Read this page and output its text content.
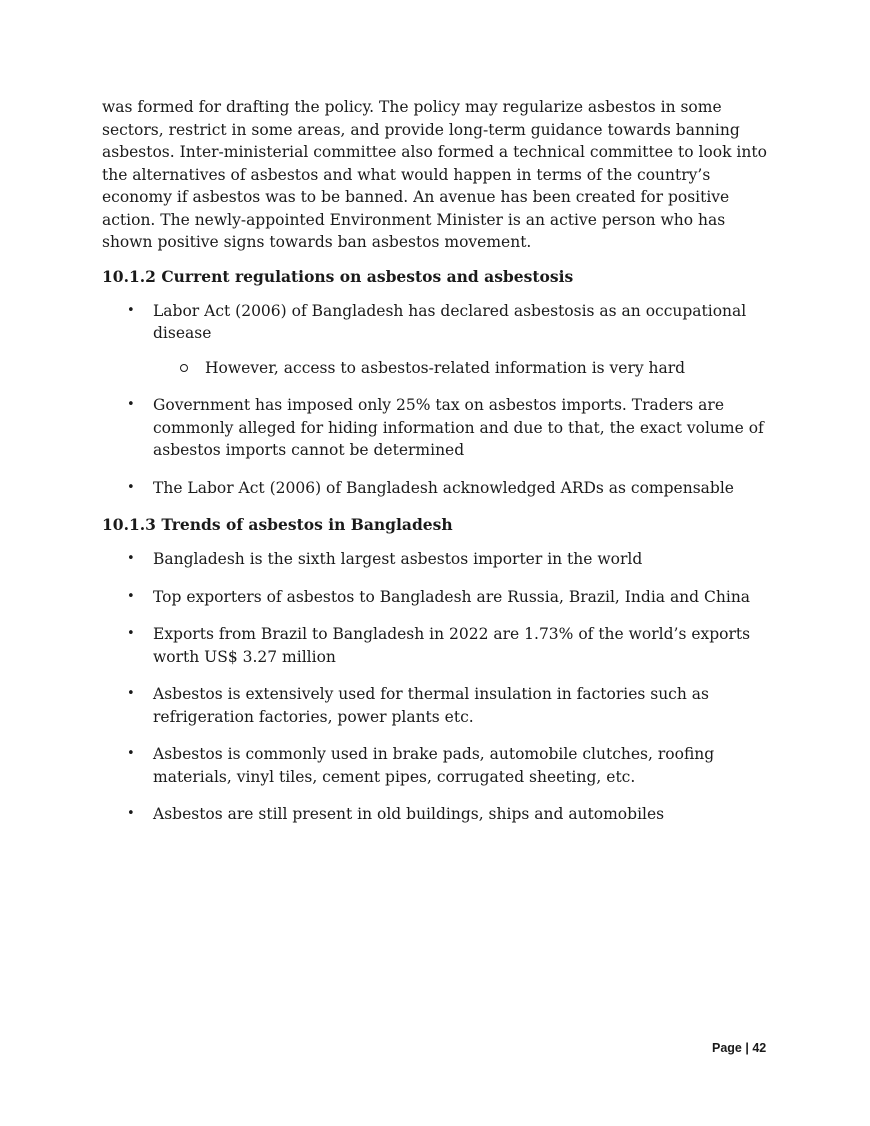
was formed for drafting the policy. The policy may regularize asbestos in some sectors, restrict in some areas, and provide long-term guidance towards banning asbestos. Inter-ministerial committee also formed a technical committee to look into the alternatives of asbestos and what would happen in terms of the country’s economy if asbestos was to be banned. An avenue has been created for positive action. The newly-appointed Environment Minister is an active person who has shown positive signs towards ban asbestos movement.

10.1.2 Current regulations on asbestos and asbestosis
• Labor Act (2006) of Bangladesh has declared asbestosis as an occupational disease
However, access to asbestos-related information is very hard
• Government has imposed only 25% tax on asbestos imports. Traders are commonly alleged for hiding information and due to that, the exact volume of asbestos imports cannot be determined
• The Labor Act (2006) of Bangladesh acknowledged ARDs as compensable
10.1.3 Trends of asbestos in Bangladesh
• Bangladesh is the sixth largest asbestos importer in the world
• Top exporters of asbestos to Bangladesh are Russia, Brazil, India and China
• Exports from Brazil to Bangladesh in 2022 are 1.73% of the world’s exports worth US$ 3.27 million
• Asbestos is extensively used for thermal insulation in factories such as refrigeration factories, power plants etc.
• Asbestos is commonly used in brake pads, automobile clutches, roofing materials, vinyl tiles, cement pipes, corrugated sheeting, etc.
• Asbestos are still present in old buildings, ships and automobiles
Page | 42
